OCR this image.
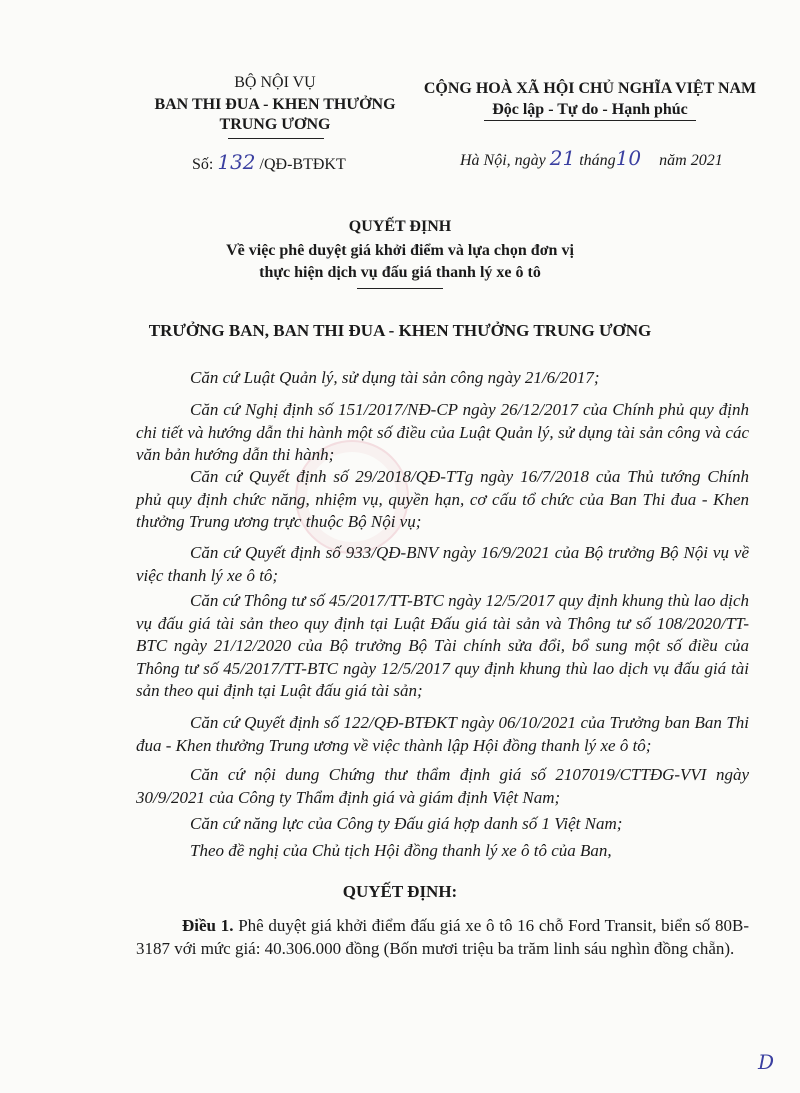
BỘ NỘI VỤ
BAN THI ĐUA - KHEN THƯỞNG
TRUNG ƯƠNG
Số: 132 /QĐ-BTĐKT
CỘNG HOÀ XÃ HỘI CHỦ NGHĨA VIỆT NAM
Độc lập - Tự do - Hạnh phúc
Hà Nội, ngày 21 tháng10 năm 2021
QUYẾT ĐỊNH
Về việc phê duyệt giá khởi điểm và lựa chọn đơn vị
thực hiện dịch vụ đấu giá thanh lý xe ô tô
TRƯỞNG BAN, BAN THI ĐUA - KHEN THƯỞNG TRUNG ƯƠNG
Căn cứ Luật Quản lý, sử dụng tài sản công ngày 21/6/2017;
Căn cứ Nghị định số 151/2017/NĐ-CP ngày 26/12/2017 của Chính phủ quy định chi tiết và hướng dẫn thi hành một số điều của Luật Quản lý, sử dụng tài sản công và các văn bản hướng dẫn thi hành;
Căn cứ Quyết định số 29/2018/QĐ-TTg ngày 16/7/2018 của Thủ tướng Chính phủ quy định chức năng, nhiệm vụ, quyền hạn, cơ cấu tổ chức của Ban Thi đua - Khen thưởng Trung ương trực thuộc Bộ Nội vụ;
Căn cứ Quyết định số 933/QĐ-BNV ngày 16/9/2021 của Bộ trưởng Bộ Nội vụ về việc thanh lý xe ô tô;
Căn cứ Thông tư số 45/2017/TT-BTC ngày 12/5/2017 quy định khung thù lao dịch vụ đấu giá tài sản theo quy định tại Luật Đấu giá tài sản và Thông tư số 108/2020/TT-BTC ngày 21/12/2020 của Bộ trưởng Bộ Tài chính sửa đổi, bổ sung một số điều của Thông tư số 45/2017/TT-BTC ngày 12/5/2017 quy định khung thù lao dịch vụ đấu giá tài sản theo qui định tại Luật đấu giá tài sản;
Căn cứ Quyết định số 122/QĐ-BTĐKT ngày 06/10/2021 của Trưởng ban Ban Thi đua - Khen thưởng Trung ương về việc thành lập Hội đồng thanh lý xe ô tô;
Căn cứ nội dung Chứng thư thẩm định giá số 2107019/CTTĐG-VVI ngày 30/9/2021 của Công ty Thẩm định giá và giám định Việt Nam;
Căn cứ năng lực của Công ty Đấu giá hợp danh số 1 Việt Nam;
Theo đề nghị của Chủ tịch Hội đồng thanh lý xe ô tô của Ban,
QUYẾT ĐỊNH:
Điều 1. Phê duyệt giá khởi điểm đấu giá xe ô tô 16 chỗ Ford Transit, biển số 80B-3187 với mức giá: 40.306.000 đồng (Bốn mươi triệu ba trăm linh sáu nghìn đồng chẵn).
D
